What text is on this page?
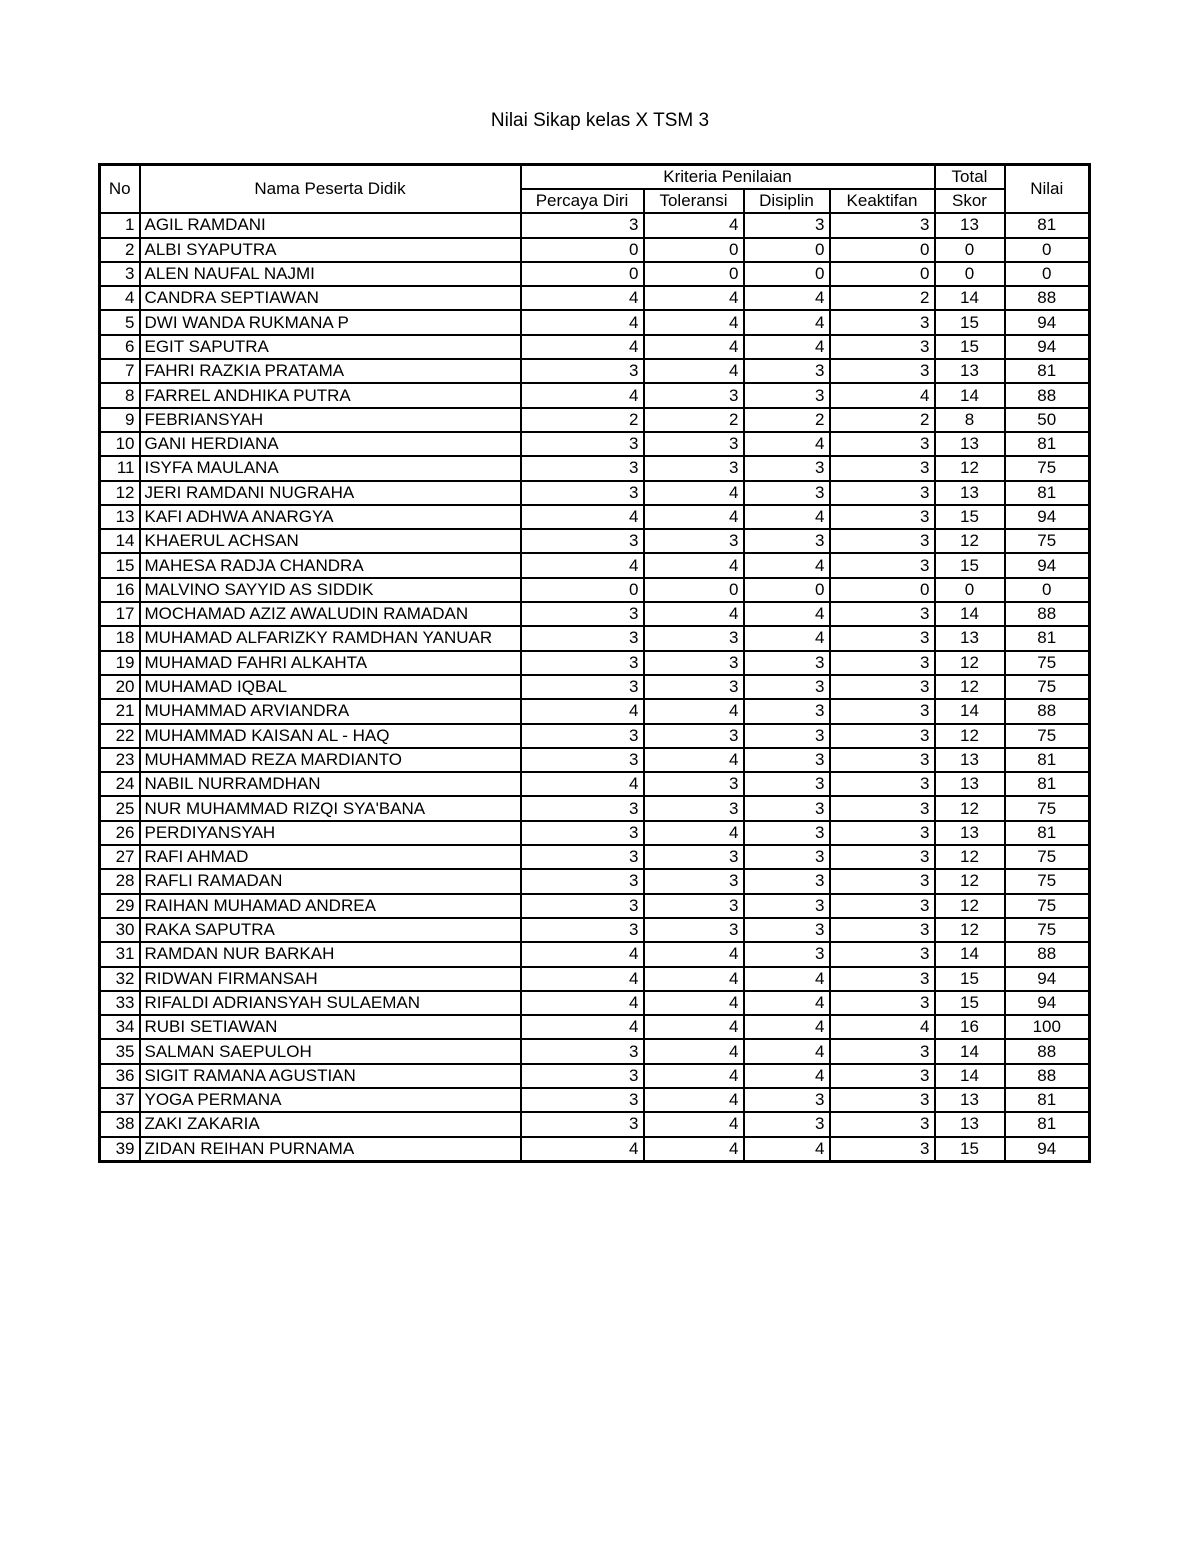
Nilai Sikap kelas X TSM 3
No	Nama Peserta Didik	Kriteria Penilaian				Total	Nilai
		Percaya Diri	Toleransi	Disiplin	Keaktifan	Skor	
1	AGIL RAMDANI	3	4	3	3	13	81
2	ALBI SYAPUTRA	0	0	0	0	0	0
3	ALEN NAUFAL NAJMI	0	0	0	0	0	0
4	CANDRA SEPTIAWAN	4	4	4	2	14	88
5	DWI WANDA RUKMANA P	4	4	4	3	15	94
6	EGIT SAPUTRA	4	4	4	3	15	94
7	FAHRI RAZKIA PRATAMA	3	4	3	3	13	81
8	FARREL ANDHIKA PUTRA	4	3	3	4	14	88
9	FEBRIANSYAH	2	2	2	2	8	50
10	GANI HERDIANA	3	3	4	3	13	81
11	ISYFA MAULANA	3	3	3	3	12	75
12	JERI RAMDANI NUGRAHA	3	4	3	3	13	81
13	KAFI ADHWA ANARGYA	4	4	4	3	15	94
14	KHAERUL ACHSAN	3	3	3	3	12	75
15	MAHESA RADJA CHANDRA	4	4	4	3	15	94
16	MALVINO SAYYID AS SIDDIK	0	0	0	0	0	0
17	MOCHAMAD AZIZ AWALUDIN RAMADAN	3	4	4	3	14	88
18	MUHAMAD ALFARIZKY RAMDHAN YANUAR	3	3	4	3	13	81
19	MUHAMAD FAHRI ALKAHTA	3	3	3	3	12	75
20	MUHAMAD IQBAL	3	3	3	3	12	75
21	MUHAMMAD ARVIANDRA	4	4	3	3	14	88
22	MUHAMMAD KAISAN AL - HAQ	3	3	3	3	12	75
23	MUHAMMAD REZA MARDIANTO	3	4	3	3	13	81
24	NABIL NURRAMDHAN	4	3	3	3	13	81
25	NUR MUHAMMAD RIZQI SYA'BANA	3	3	3	3	12	75
26	PERDIYANSYAH	3	4	3	3	13	81
27	RAFI AHMAD	3	3	3	3	12	75
28	RAFLI RAMADAN	3	3	3	3	12	75
29	RAIHAN MUHAMAD ANDREA	3	3	3	3	12	75
30	RAKA SAPUTRA	3	3	3	3	12	75
31	RAMDAN NUR BARKAH	4	4	3	3	14	88
32	RIDWAN FIRMANSAH	4	4	4	3	15	94
33	RIFALDI ADRIANSYAH SULAEMAN	4	4	4	3	15	94
34	RUBI SETIAWAN	4	4	4	4	16	100
35	SALMAN SAEPULOH	3	4	4	3	14	88
36	SIGIT RAMANA AGUSTIAN	3	4	4	3	14	88
37	YOGA PERMANA	3	4	3	3	13	81
38	ZAKI ZAKARIA	3	4	3	3	13	81
39	ZIDAN REIHAN PURNAMA	4	4	4	3	15	94
